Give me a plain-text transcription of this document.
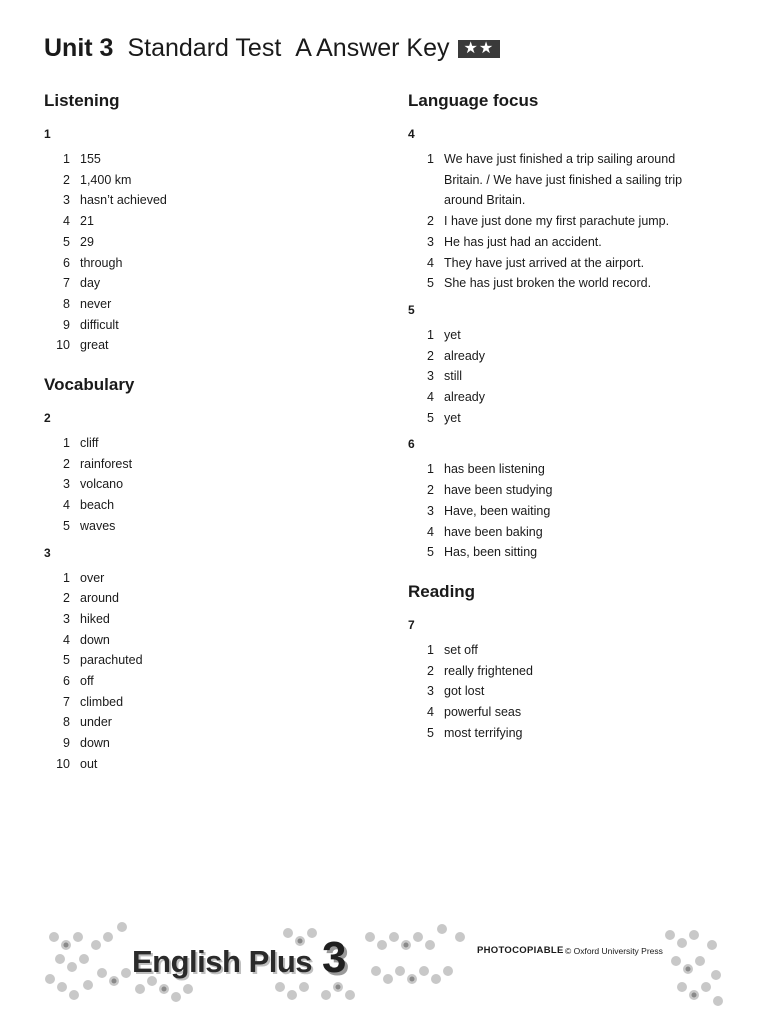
Unit 3 Standard Test A Answer Key ★★
Listening
1
1 155
2 1,400 km
3 hasn’t achieved
4 21
5 29
6 through
7 day
8 never
9 difficult
10 great
Vocabulary
2
1 cliff
2 rainforest
3 volcano
4 beach
5 waves
3
1 over
2 around
3 hiked
4 down
5 parachuted
6 off
7 climbed
8 under
9 down
10 out
Language focus
4
1 We have just finished a trip sailing around Britain. / We have just finished a sailing trip around Britain.
2 I have just done my first parachute jump.
3 He has just had an accident.
4 They have just arrived at the airport.
5 She has just broken the world record.
5
1 yet
2 already
3 still
4 already
5 yet
6
1 has been listening
2 have been studying
3 Have, been waiting
4 have been baking
5 Has, been sitting
Reading
7
1 set off
2 really frightened
3 got lost
4 powerful seas
5 most terrifying
English Plus 3	PHOTOCOPIABLE © Oxford University Press
